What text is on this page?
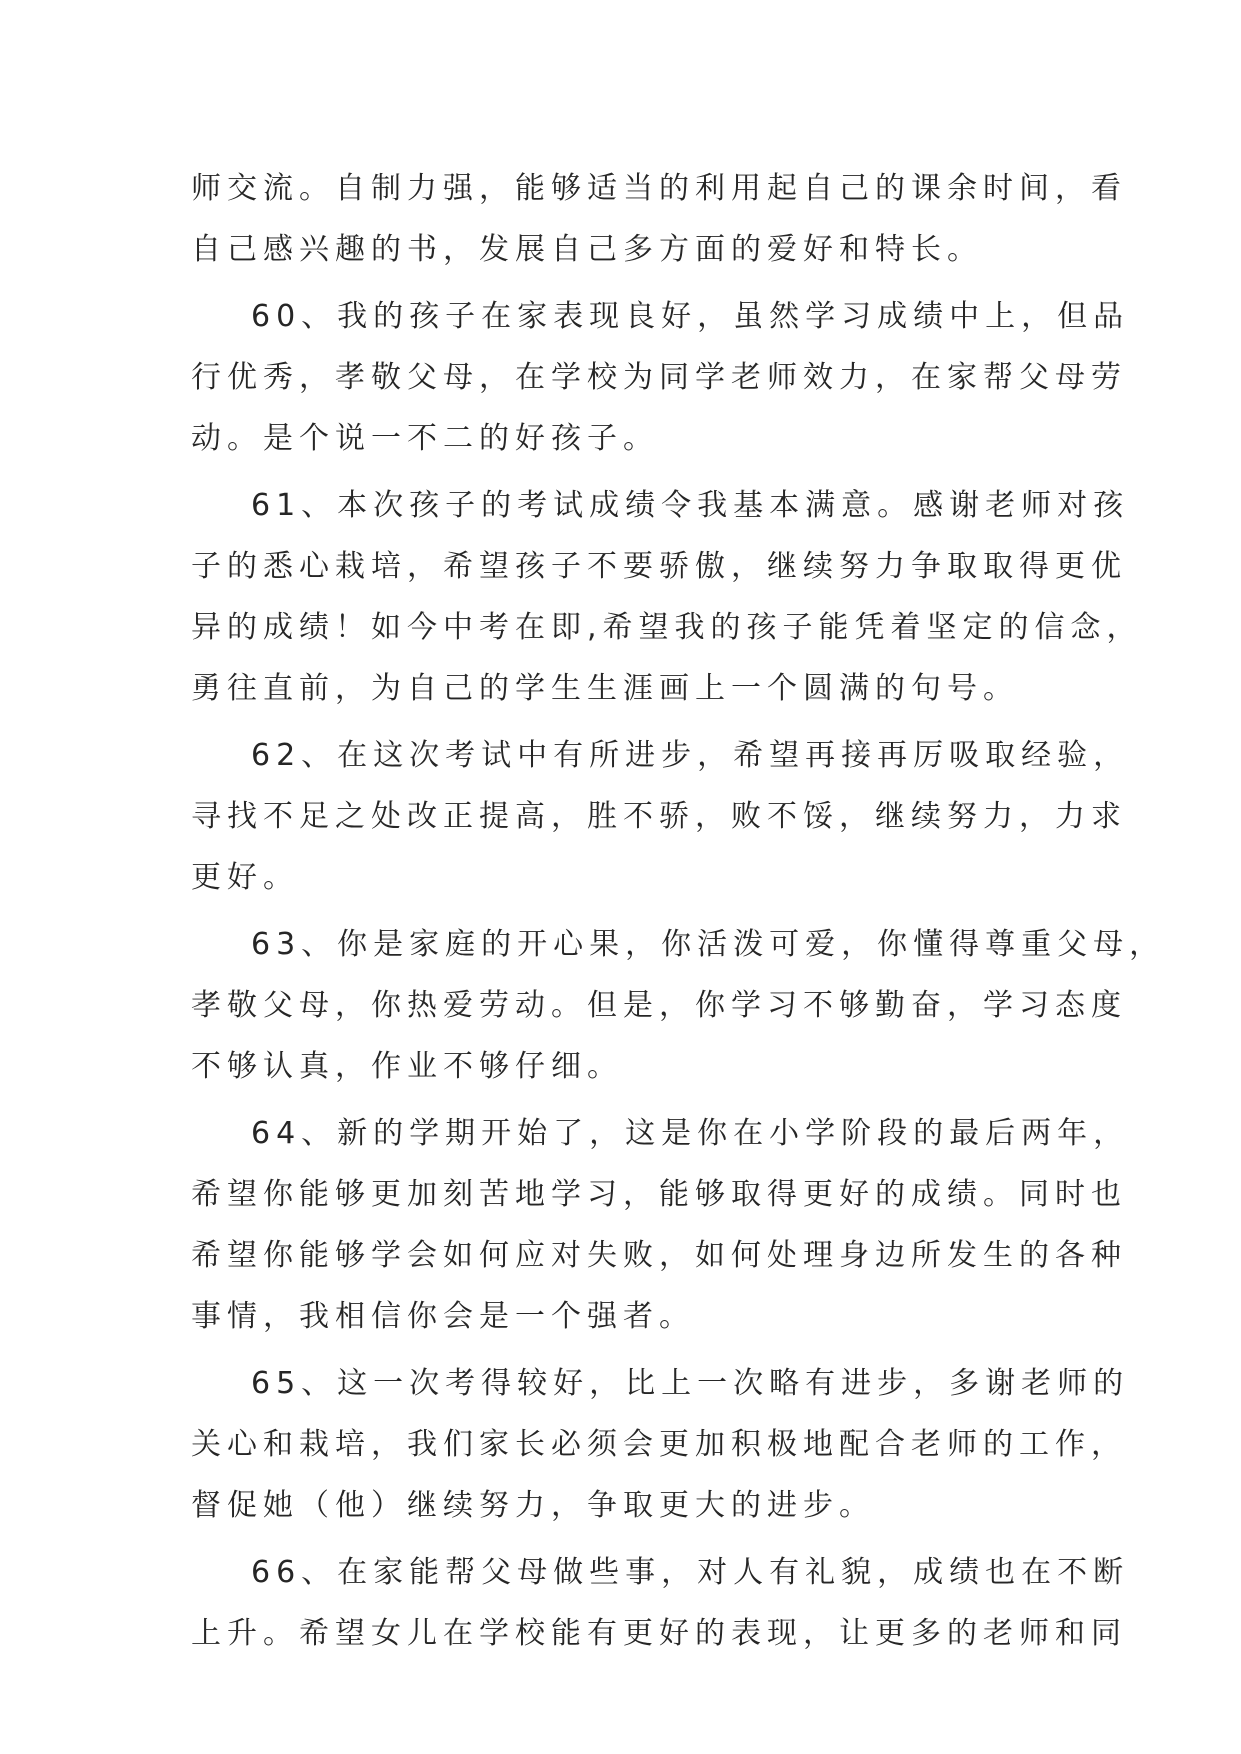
师交流。自制力强，能够适当的利用起自己的课余时间，看
自己感兴趣的书，发展自己多方面的爱好和特长。
60、我的孩子在家表现良好，虽然学习成绩中上，但品
行优秀，孝敬父母，在学校为同学老师效力，在家帮父母劳
动。是个说一不二的好孩子。
61、本次孩子的考试成绩令我基本满意。感谢老师对孩
子的悉心栽培，希望孩子不要骄傲，继续努力争取取得更优
异的成绩！如今中考在即,希望我的孩子能凭着坚定的信念，
勇往直前，为自己的学生生涯画上一个圆满的句号。
62、在这次考试中有所进步，希望再接再厉吸取经验，
寻找不足之处改正提高，胜不骄，败不馁，继续努力，力求
更好。
63、你是家庭的开心果，你活泼可爱，你懂得尊重父母，
孝敬父母，你热爱劳动。但是，你学习不够勤奋，学习态度
不够认真，作业不够仔细。
64、新的学期开始了，这是你在小学阶段的最后两年，
希望你能够更加刻苦地学习，能够取得更好的成绩。同时也
希望你能够学会如何应对失败，如何处理身边所发生的各种
事情，我相信你会是一个强者。
65、这一次考得较好，比上一次略有进步，多谢老师的
关心和栽培，我们家长必须会更加积极地配合老师的工作，
督促她（他）继续努力，争取更大的进步。
66、在家能帮父母做些事，对人有礼貌，成绩也在不断
上升。希望女儿在学校能有更好的表现，让更多的老师和同
